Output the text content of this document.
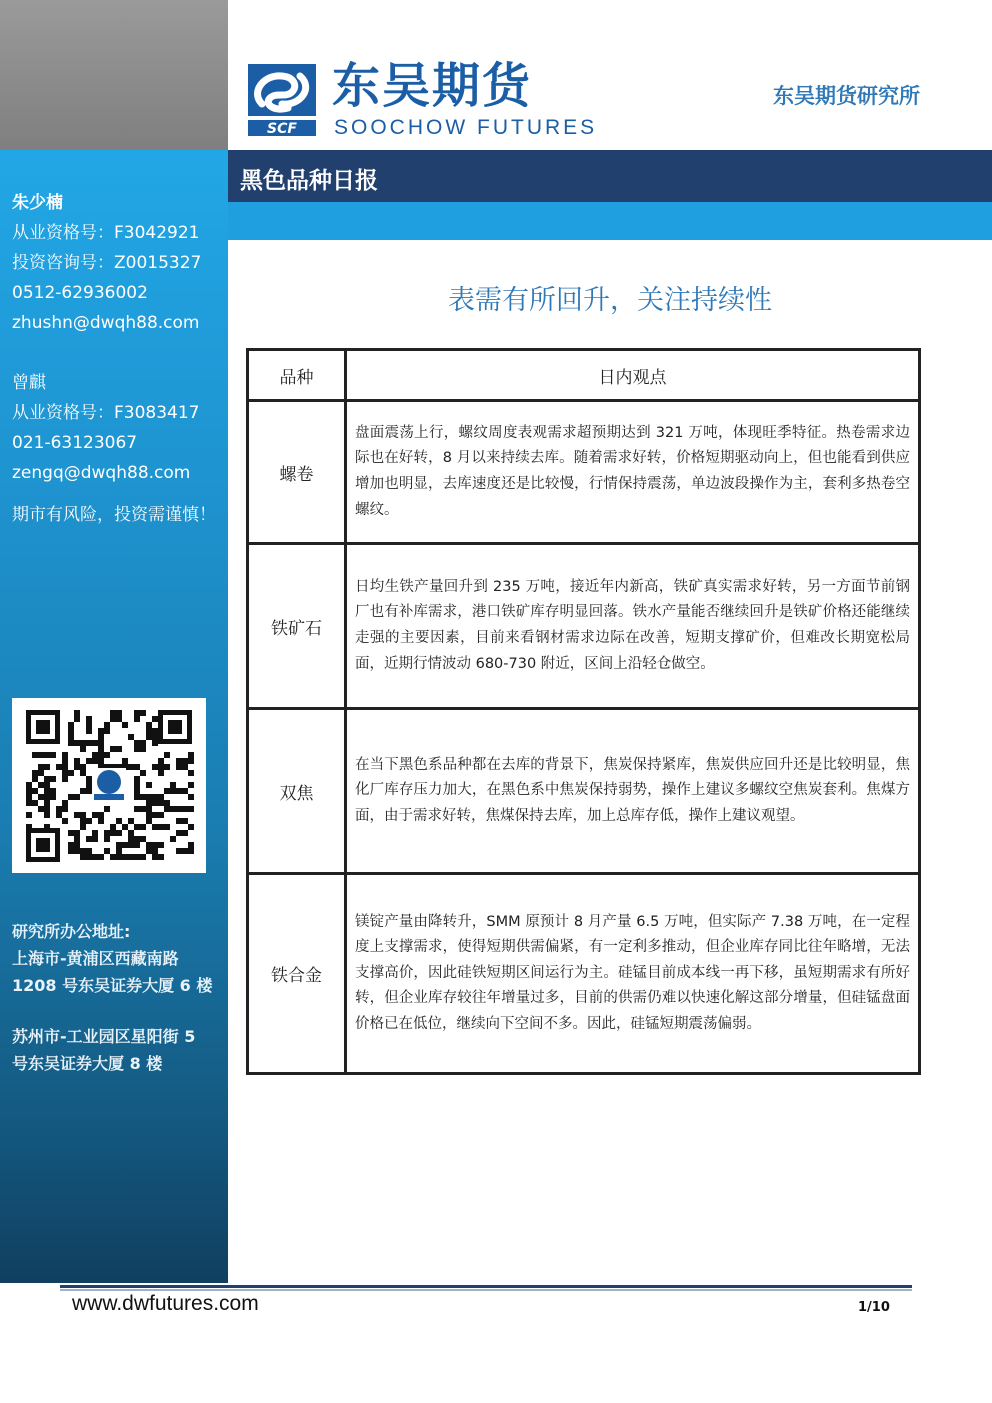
朱少楠
从业资格号：F3042921
投资咨询号：Z0015327
0512-62936002
zhushn@dwqh88.com
曾麒
从业资格号：F3083417
021-63123067
zengq@dwqh88.com
期市有风险，投资需谨慎！
研究所办公地址:
上海市-黄浦区西藏南路
1208 号东吴证券大厦 6 楼
苏州市-工业园区星阳街 5
号东吴证券大厦 8 楼
SCF
东吴期货
SOOCHOW FUTURES
东吴期货研究所
黑色品种日报
表需有所回升，关注持续性
品种	日内观点
螺卷	盘面震荡上行，螺纹周度表观需求超预期达到 321 万吨，体现旺季特征。热卷需求边际也在好转，8 月以来持续去库。随着需求好转，价格短期驱动向上，但也能看到供应增加也明显，去库速度还是比较慢，行情保持震荡，单边波段操作为主，套利多热卷空螺纹。
铁矿石	日均生铁产量回升到 235 万吨，接近年内新高，铁矿真实需求好转，另一方面节前钢厂也有补库需求，港口铁矿库存明显回落。铁水产量能否继续回升是铁矿价格还能继续走强的主要因素，目前来看钢材需求边际在改善，短期支撑矿价，但难改长期宽松局面，近期行情波动 680-730 附近，区间上沿轻仓做空。
双焦	在当下黑色系品种都在去库的背景下，焦炭保持紧库，焦炭供应回升还是比较明显，焦化厂库存压力加大，在黑色系中焦炭保持弱势，操作上建议多螺纹空焦炭套利。焦煤方面，由于需求好转，焦煤保持去库，加上总库存低，操作上建议观望。
铁合金	镁锭产量由降转升，SMM 原预计 8 月产量 6.5 万吨，但实际产 7.38 万吨，在一定程度上支撑需求，使得短期供需偏紧，有一定利多推动，但企业库存同比往年略增，无法支撑高价，因此硅铁短期区间运行为主。硅锰目前成本线一再下移，虽短期需求有所好转，但企业库存较往年增量过多，目前的供需仍难以快速化解这部分增量，但硅锰盘面价格已在低位，继续向下空间不多。因此，硅锰短期震荡偏弱。
www.dwfutures.com	1/10
